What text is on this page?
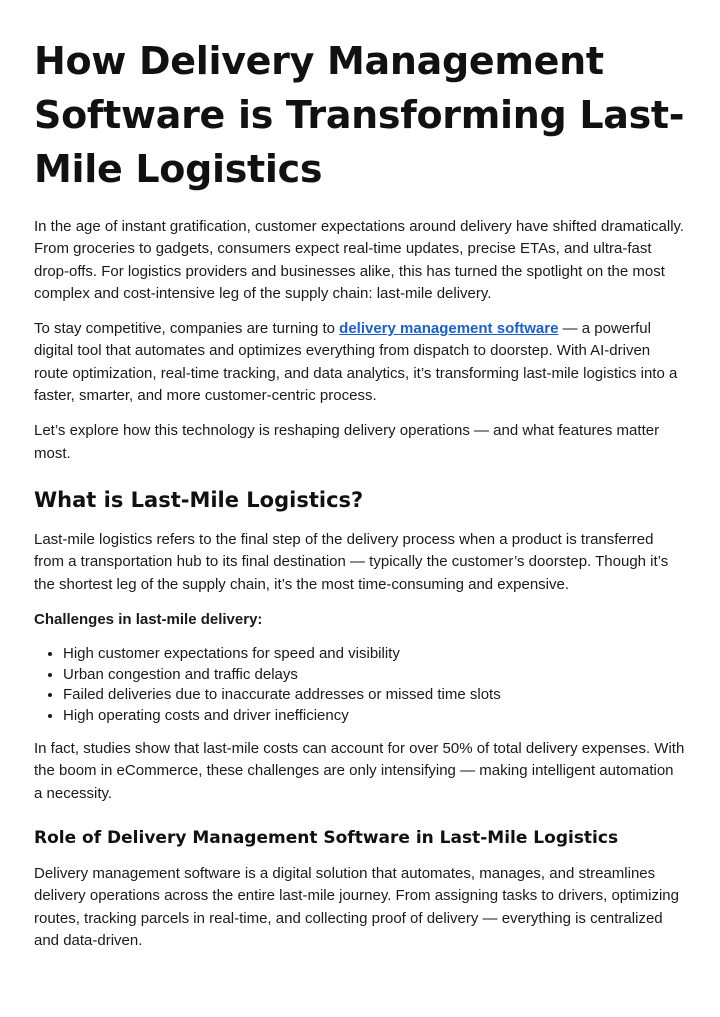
How Delivery Management Software is Transforming Last-Mile Logistics

In the age of instant gratification, customer expectations around delivery have shifted dramatically. From groceries to gadgets, consumers expect real-time updates, precise ETAs, and ultra-fast drop-offs. For logistics providers and businesses alike, this has turned the spotlight on the most complex and cost-intensive leg of the supply chain: last-mile delivery.

To stay competitive, companies are turning to delivery management software — a powerful digital tool that automates and optimizes everything from dispatch to doorstep. With AI-driven route optimization, real-time tracking, and data analytics, it’s transforming last-mile logistics into a faster, smarter, and more customer-centric process.

Let’s explore how this technology is reshaping delivery operations — and what features matter most.

What is Last-Mile Logistics?

Last-mile logistics refers to the final step of the delivery process when a product is transferred from a transportation hub to its final destination — typically the customer’s doorstep. Though it’s the shortest leg of the supply chain, it’s the most time-consuming and expensive.

Challenges in last-mile delivery:

• High customer expectations for speed and visibility
• Urban congestion and traffic delays
• Failed deliveries due to inaccurate addresses or missed time slots
• High operating costs and driver inefficiency

In fact, studies show that last-mile costs can account for over 50% of total delivery expenses. With the boom in eCommerce, these challenges are only intensifying — making intelligent automation a necessity.

Role of Delivery Management Software in Last-Mile Logistics

Delivery management software is a digital solution that automates, manages, and streamlines delivery operations across the entire last-mile journey. From assigning tasks to drivers, optimizing routes, tracking parcels in real-time, and collecting proof of delivery — everything is centralized and data-driven.
